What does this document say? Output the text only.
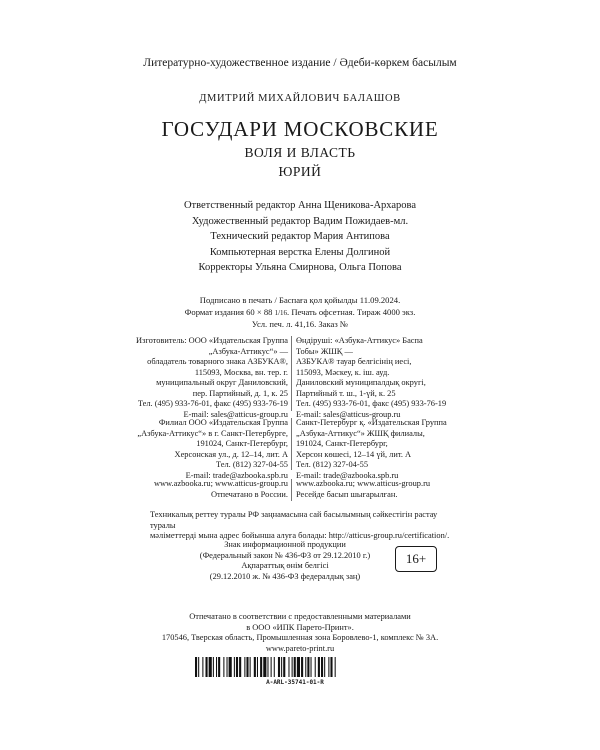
Литературно-художественное издание / Әдеби-көркем басылым
ДМИТРИЙ МИХАЙЛОВИЧ БАЛАШОВ
ГОСУДАРИ МОСКОВСКИЕ
ВОЛЯ И ВЛАСТЬ
ЮРИЙ
Ответственный редактор Анна Щеникова-Архарова
Художественный редактор Вадим Пожидаев-мл.
Технический редактор Мария Антипова
Компьютерная верстка Елены Долгиной
Корректоры Ульяна Смирнова, Ольга Попова
Подписано в печать / Баспаға қол қойылды 11.09.2024.
Формат издания 60 × 88 1/16. Печать офсетная. Тираж 4000 экз.
Усл. печ. л. 41,16. Заказ №
Изготовитель: ООО «Издательская Группа
„Азбука-Аттикус“» —
обладатель товарного знака АЗБУКА®,
115093, Москва, вн. тер. г.
муниципальный округ Даниловский,
пер. Партийный, д. 1, к. 25
Тел. (495) 933-76-01, факс (495) 933-76-19
E-mail: sales@atticus-group.ru
Өндіруші: «Азбука-Аттикус» Баспа
Тобы» ЖШҚ —
АЗБУКА® тауар белгісінің иесі,
115093, Мәскеу, к. іш. ауд.
Даниловский муниципалдық округі,
Партийный т. ш., 1-үй, к. 25
Тел. (495) 933-76-01, факс (495) 933-76-19
E-mail: sales@atticus-group.ru
Филиал ООО «Издательская Группа
„Азбука-Аттикус“» в г. Санкт-Петербурге,
191024, Санкт-Петербург,
Херсонская ул., д. 12–14, лит. А
Тел. (812) 327-04-55
E-mail: trade@azbooka.spb.ru
Санкт-Петербург қ. «Издательская Группа
„Азбука-Аттикус“» ЖШҚ филиалы,
191024, Санкт-Петербург,
Херсон көшесі, 12–14 үй, лит. А
Тел. (812) 327-04-55
E-mail: trade@azbooka.spb.ru
www.azbooka.ru; www.atticus-group.ru
Отпечатано в России.
www.azbooka.ru; www.atticus-group.ru
Ресейде басып шығарылған.
Техникалық реттеу туралы РФ заңнамасына сай басылымның сәйкестігін растау туралы
мәліметтерді мына адрес бойынша алуға болады: http://atticus-group.ru/certification/.
Знак информационной продукции
(Федеральный закон № 436-ФЗ от 29.12.2010 г.)
Ақпараттық өнім белгісі
(29.12.2010 ж. № 436-ФЗ федералдық заң)
16+
Отпечатано в соответствии с предоставленными материалами
в ООО «ИПК Парето-Принт».
170546, Тверская область, Промышленная зона Боровлево-1, комплекс № 3А.
www.pareto-print.ru
A-ARL-35741-01-R
